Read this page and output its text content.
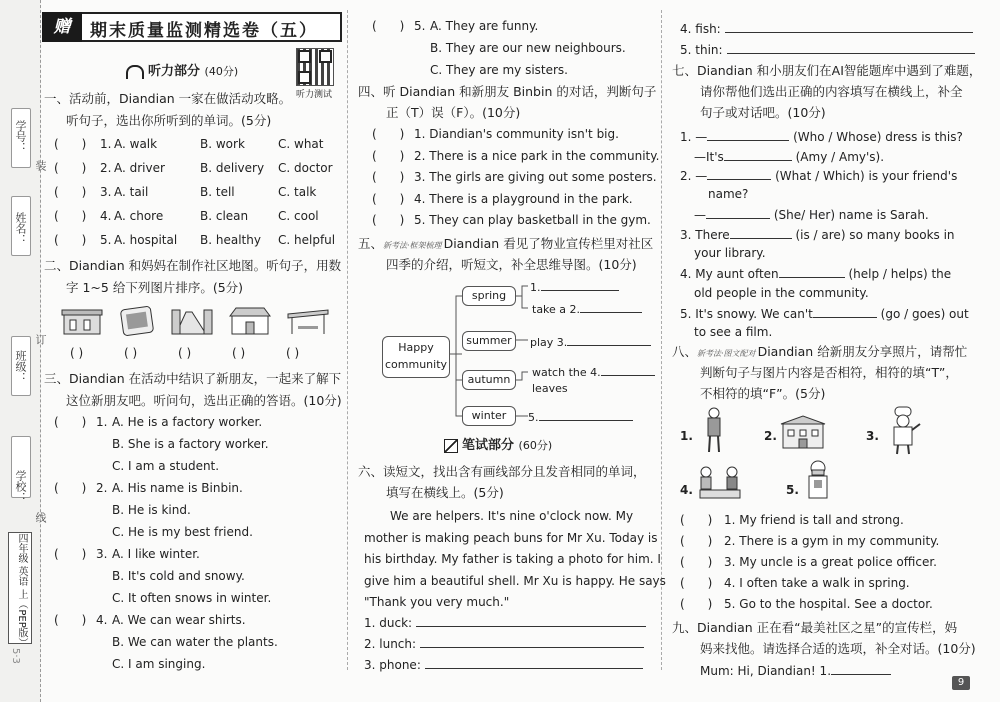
学号：
姓名：
班级：
学校：
装
订
线
四年级 英语 上（PEP版）
5·3
赠	期末质量监测精选卷（五）
听力部分 (40分)
听力测试
一、活动前，Diandian 一家在做活动攻略。
听句子，选出你所听到的单词。(5分)
(      ) 1. A. walk	B. work	C. what
(      ) 2. A. driver	B. delivery C. doctor
(      ) 3. A. tail	B. tell	C. talk
(      ) 4. A. chore	B. clean C. cool
(      ) 5. A. hospital B. healthy C. helpful
二、Diandian 和妈妈在制作社区地图。听句子，用数
字 1~5 给下列图片排序。(5分)
( )	( )	( )	( )	( )
三、Diandian 在活动中结识了新朋友，一起来了解下
这位新朋友吧。听问句，选出正确的答语。(10分)
(      ) 1. A. He is a factory worker.
B. She is a factory worker.
C. I am a student.
(      ) 2. A. His name is Binbin.
B. He is kind.
C. He is my best friend.
(      ) 3. A. I like winter.
B. It's cold and snowy.
C. It often snows in winter.
(      ) 4. A. We can wear shirts.
B. We can water the plants.
C. I am singing.
(      ) 5. A. They are funny.
B. They are our new neighbours.
C. They are my sisters.
四、听 Diandian 和新朋友 Binbin 的对话，判断句子
正（T）误（F）。(10分)
(      ) 1. Diandian's community isn't big.
(      ) 2. There is a nice park in the community.
(      ) 3. The girls are giving out some posters.
(      ) 4. There is a playground in the park.
(      ) 5. They can play basketball in the gym.
五、新考法·框架梳理 Diandian 看见了物业宣传栏里对社区
四季的介绍，听短文，补全思维导图。(10分)
Happy
community
spring
summer
autumn
winter
1.
take a 2.
play 3.
watch the 4.
leaves
5.
笔试部分 (60分)
六、读短文，找出含有画线部分且发音相同的单词，
填写在横线上。(5分)
We are helpers. It's nine o'clock now. My
mother is making peach buns for Mr Xu. Today is
his birthday. My father is taking a photo for him. I
give him a beautiful shell. Mr Xu is happy. He says
"Thank you very much."
1. duck:
2. lunch:
3. phone:
4. fish:
5. thin:
七、Diandian 和小朋友们在AI智能题库中遇到了难题，
请你帮他们选出正确的内容填写在横线上，补全
句子或对话吧。(10分)
1. —	(Who / Whose) dress is this?
—It's	(Amy / Amy's).
2. —	(What / Which) is your friend's
name?
—	(She/ Her) name is Sarah.
3. There	(is / are) so many books in
your library.
4. My aunt often	(help / helps) the
old people in the community.
5. It's snowy. We can't	(go / goes) out
to see a film.
八、新考法·图文配对 Diandian 给新朋友分享照片，请帮忙
判断句子与图片内容是否相符，相符的填“T”，
不相符的填“F”。(5分)
1.	2.	3.
4.	5.
(      ) 1. My friend is tall and strong.
(      ) 2. There is a gym in my community.
(      ) 3. My uncle is a great police officer.
(      ) 4. I often take a walk in spring.
(      ) 5. Go to the hospital. See a doctor.
九、Diandian 正在看“最美社区之星”的宣传栏，妈
妈来找他。请选择合适的选项，补全对话。(10分)
Mum: Hi, Diandian! 1.
9
